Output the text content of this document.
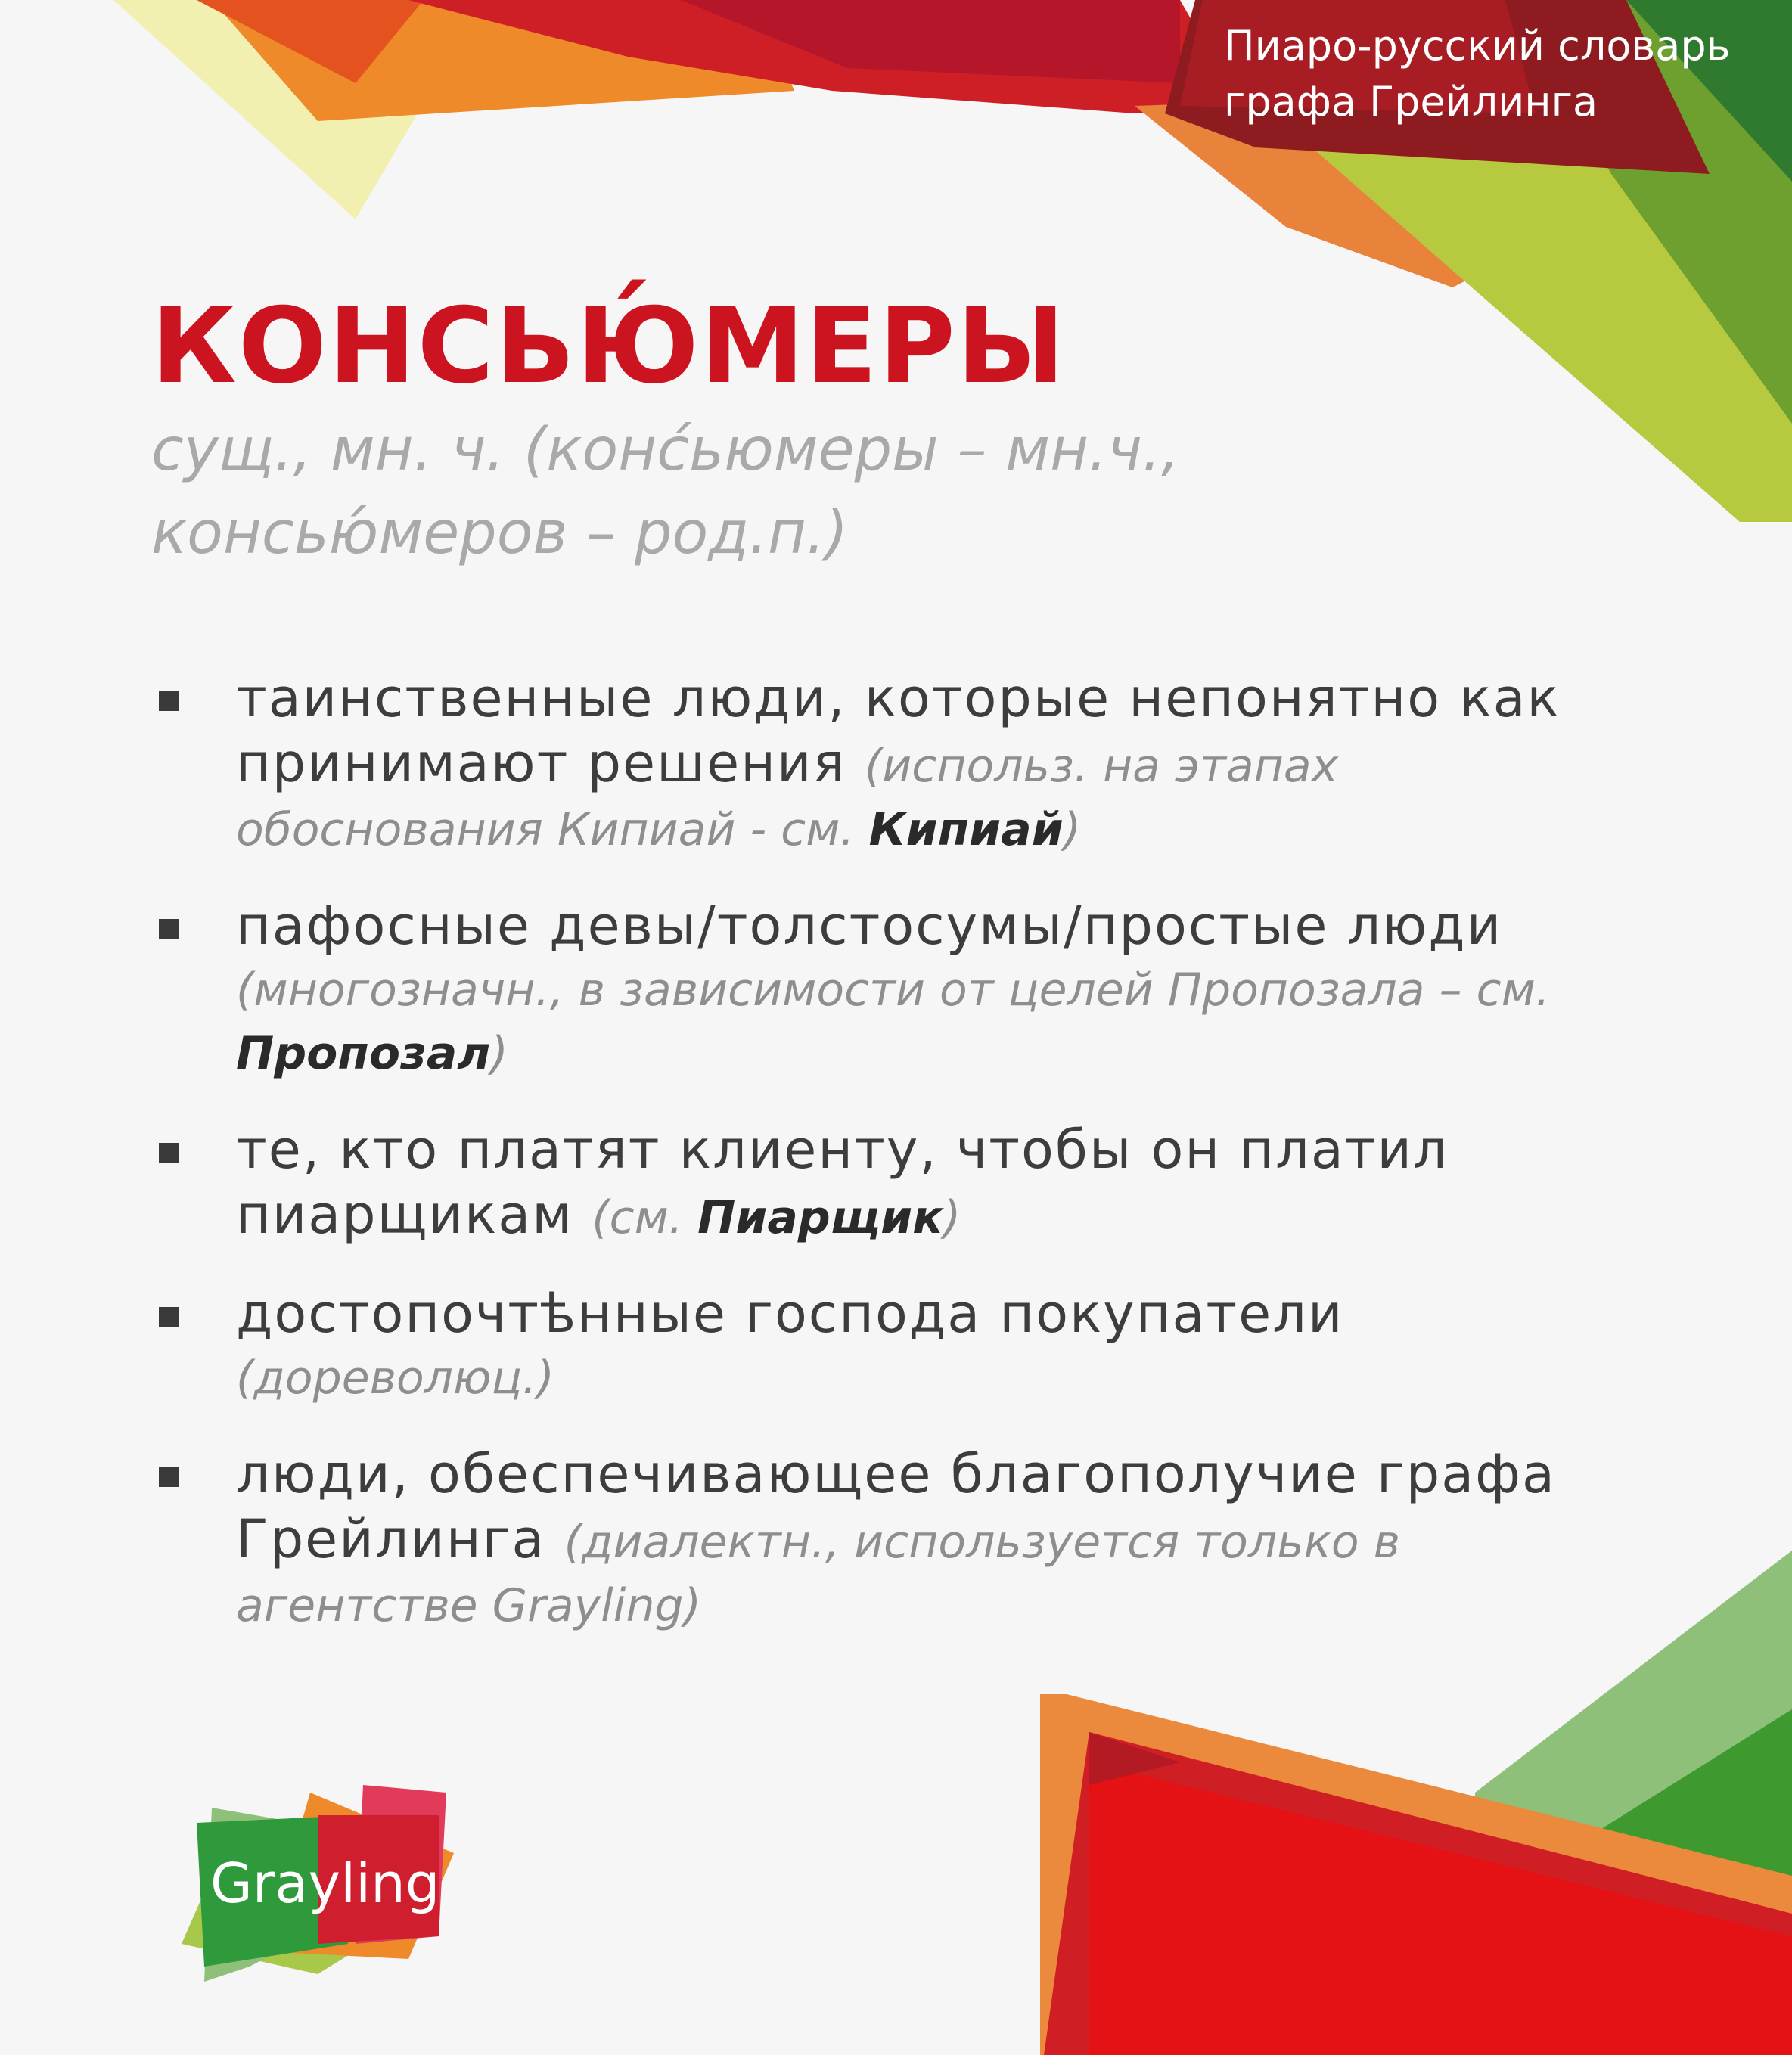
Пиаро-русский словарь
графа Грейлинга
КОНСЬЮ́МЕРЫ
сущ., мн. ч. (конс́ьюмеры – мн.ч.,
консью́меров – род.п.)
таинственные люди, которые непонятно как принимают решения (использ. на этапах обоснования Кипиай - см. Кипиай)
пафосные девы/толстосумы/простые люди (многозначн., в зависимости от целей Пропозала – см. Пропозал)
те, кто платят клиенту, чтобы он платил пиарщикам (см. Пиарщик)
достопочтѣнные господа покупатели (дореволюц.)
люди, обеспечивающее благополучие графа Грейлинга (диалектн., используется только в агентстве Grayling)
Grayling
